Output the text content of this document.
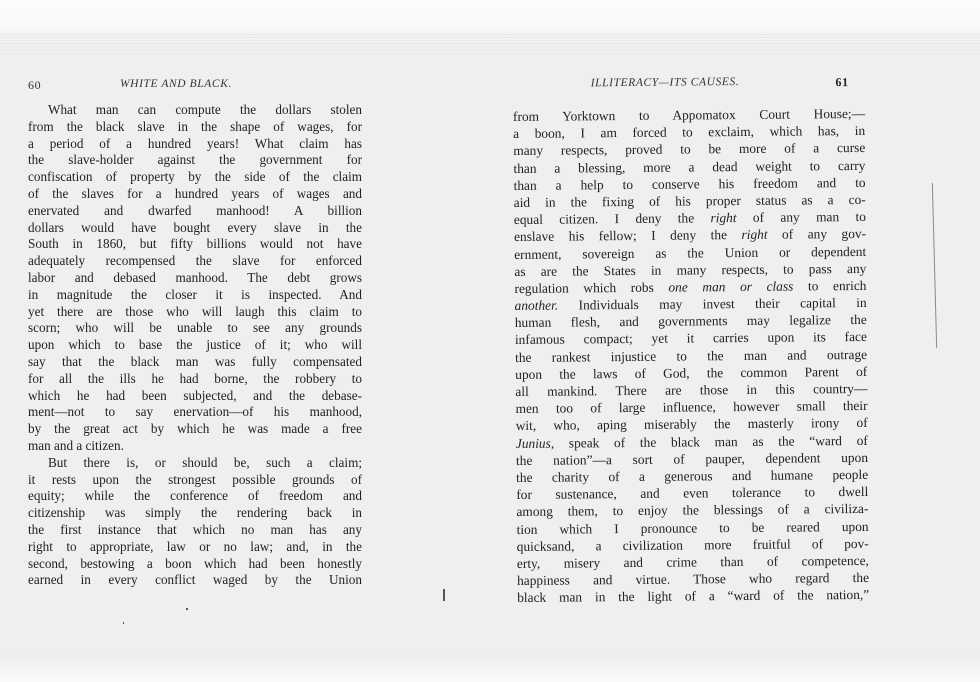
60	WHITE AND BLACK.
What man can compute the dollars stolen
from the black slave in the shape of wages, for
a period of a hundred years! What claim has
the slave-holder against the government for
confiscation of property by the side of the claim
of the slaves for a hundred years of wages and
enervated and dwarfed manhood! A billion
dollars would have bought every slave in the
South in 1860, but fifty billions would not have
adequately recompensed the slave for enforced
labor and debased manhood. The debt grows
in magnitude the closer it is inspected. And
yet there are those who will laugh this claim to
scorn; who will be unable to see any grounds
upon which to base the justice of it; who will
say that the black man was fully compensated
for all the ills he had borne, the robbery to
which he had been subjected, and the debase-
ment—not to say enervation—of his manhood,
by the great act by which he was made a free
man and a citizen.
But there is, or should be, such a claim;
it rests upon the strongest possible grounds of
equity; while the conference of freedom and
citizenship was simply the rendering back in
the first instance that which no man has any
right to appropriate, law or no law; and, in the
second, bestowing a boon which had been honestly
earned in every conflict waged by the Union
ILLITERACY—ITS CAUSES.	61
from Yorktown to Appomatox Court House;—
a boon, I am forced to exclaim, which has, in
many respects, proved to be more of a curse
than a blessing, more a dead weight to carry
than a help to conserve his freedom and to
aid in the fixing of his proper status as a co-
equal citizen. I deny the right of any man to
enslave his fellow; I deny the right of any gov-
ernment, sovereign as the Union or dependent
as are the States in many respects, to pass any
regulation which robs one man or class to enrich
another. Individuals may invest their capital in
human flesh, and governments may legalize the
infamous compact; yet it carries upon its face
the rankest injustice to the man and outrage
upon the laws of God, the common Parent of
all mankind. There are those in this country—
men too of large influence, however small their
wit, who, aping miserably the masterly irony of
Junius, speak of the black man as the “ward of
the nation”—a sort of pauper, dependent upon
the charity of a generous and humane people
for sustenance, and even tolerance to dwell
among them, to enjoy the blessings of a civiliza-
tion which I pronounce to be reared upon
quicksand, a civilization more fruitful of pov-
erty, misery and crime than of competence,
happiness and virtue. Those who regard the
black man in the light of a “ward of the nation,”
